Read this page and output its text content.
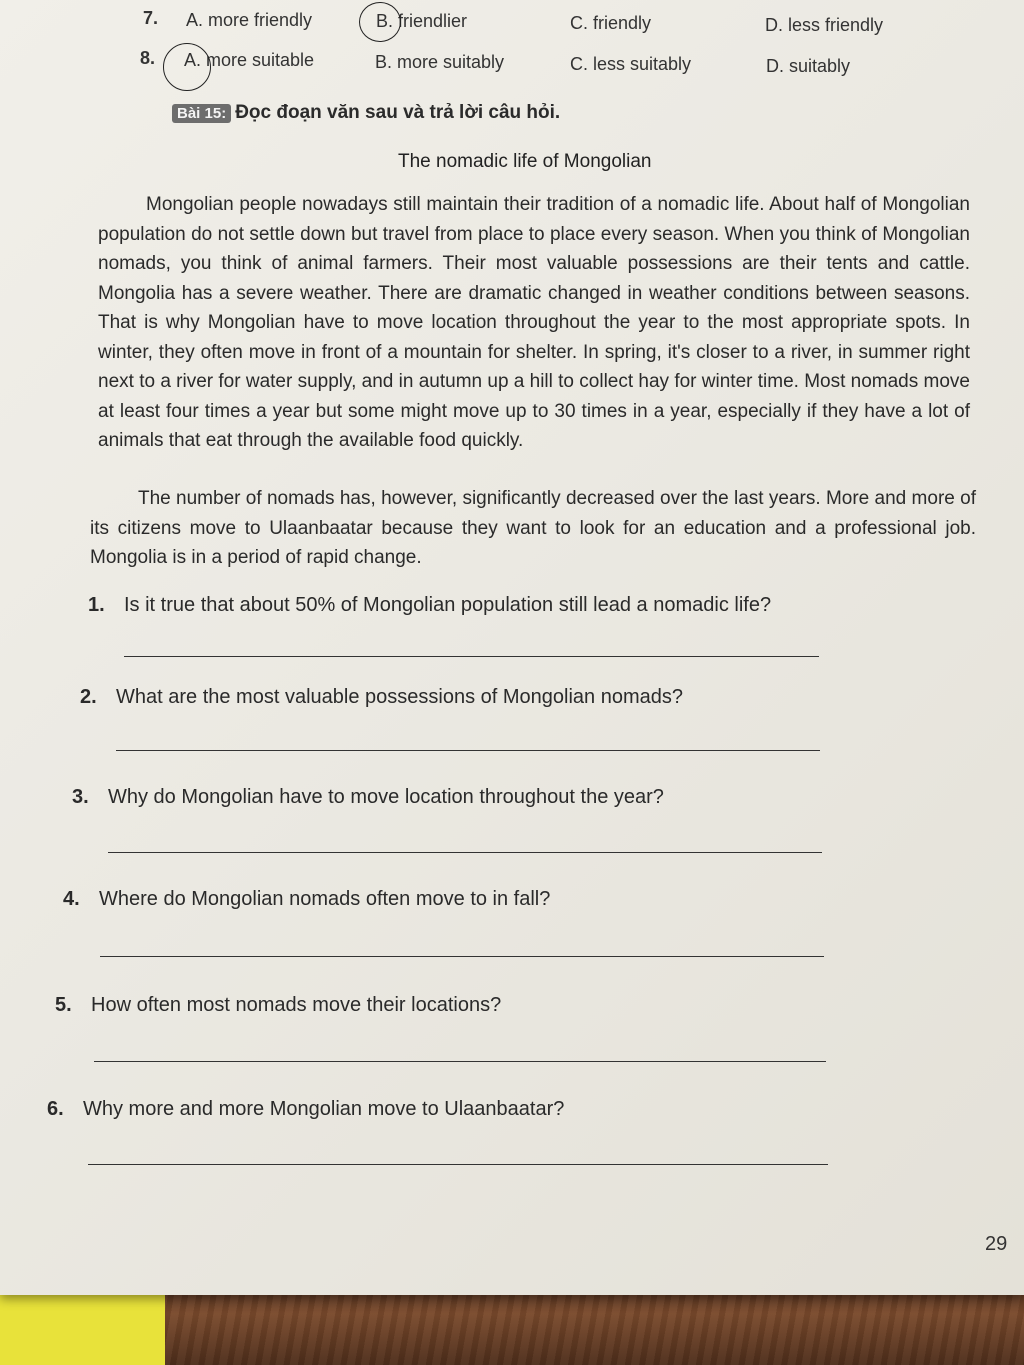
7. A. more friendly	B. friendlier	C. friendly	D. less friendly
8. A. more suitable	B. more suitably	C. less suitably	D. suitably
Bài 15: Đọc đoạn văn sau và trả lời câu hỏi.
The nomadic life of Mongolian
Mongolian people nowadays still maintain their tradition of a nomadic life. About half of Mongolian population do not settle down but travel from place to place every season. When you think of Mongolian nomads, you think of animal farmers. Their most valuable possessions are their tents and cattle. Mongolia has a severe weather. There are dramatic changed in weather conditions between seasons. That is why Mongolian have to move location throughout the year to the most appropriate spots. In winter, they often move in front of a mountain for shelter. In spring, it's closer to a river, in summer right next to a river for water supply, and in autumn up a hill to collect hay for winter time. Most nomads move at least four times a year but some might move up to 30 times in a year, especially if they have a lot of animals that eat through the available food quickly.
The number of nomads has, however, significantly decreased over the last years. More and more of its citizens move to Ulaanbaatar because they want to look for an education and a professional job. Mongolia is in a period of rapid change.
1. Is it true that about 50% of Mongolian population still lead a nomadic life?
2. What are the most valuable possessions of Mongolian nomads?
3. Why do Mongolian have to move location throughout the year?
4. Where do Mongolian nomads often move to in fall?
5. How often most nomads move their locations?
6. Why more and more Mongolian move to Ulaanbaatar?
29
